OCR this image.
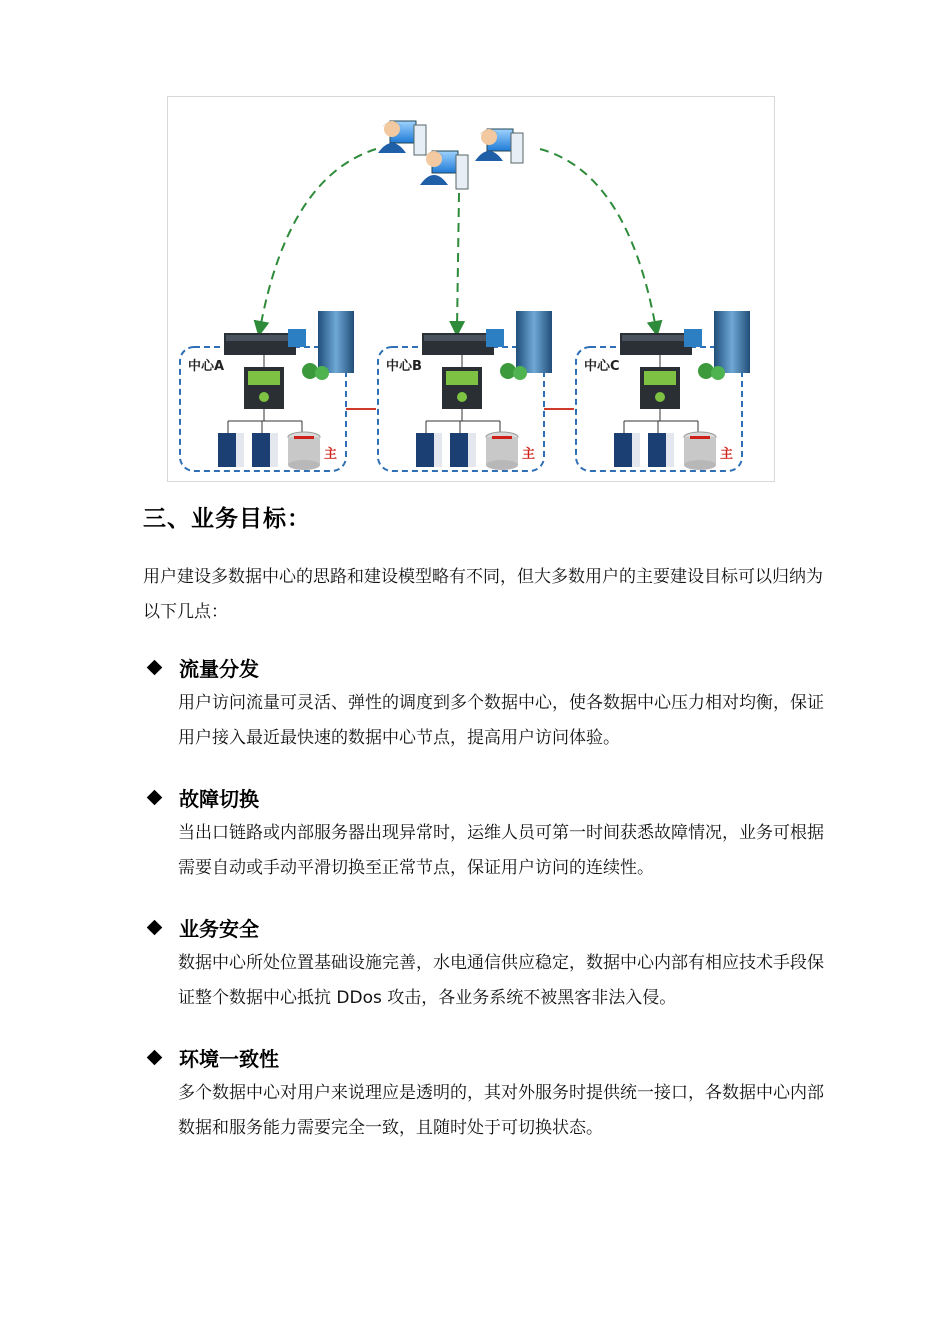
中心A	中心B	中心C
主	主	主
三、业务目标：

用户建设多数据中心的思路和建设模型略有不同，但大多数用户的主要建设目标可以归纳为以下几点：

流量分发
用户访问流量可灵活、弹性的调度到多个数据中心，使各数据中心压力相对均衡，保证用户接入最近最快速的数据中心节点，提高用户访问体验。
故障切换
当出口链路或内部服务器出现异常时，运维人员可第一时间获悉故障情况，业务可根据需要自动或手动平滑切换至正常节点，保证用户访问的连续性。
业务安全
数据中心所处位置基础设施完善，水电通信供应稳定，数据中心内部有相应技术手段保证整个数据中心抵抗 DDos 攻击，各业务系统不被黑客非法入侵。
环境一致性
多个数据中心对用户来说理应是透明的，其对外服务时提供统一接口，各数据中心内部数据和服务能力需要完全一致，且随时处于可切换状态。
